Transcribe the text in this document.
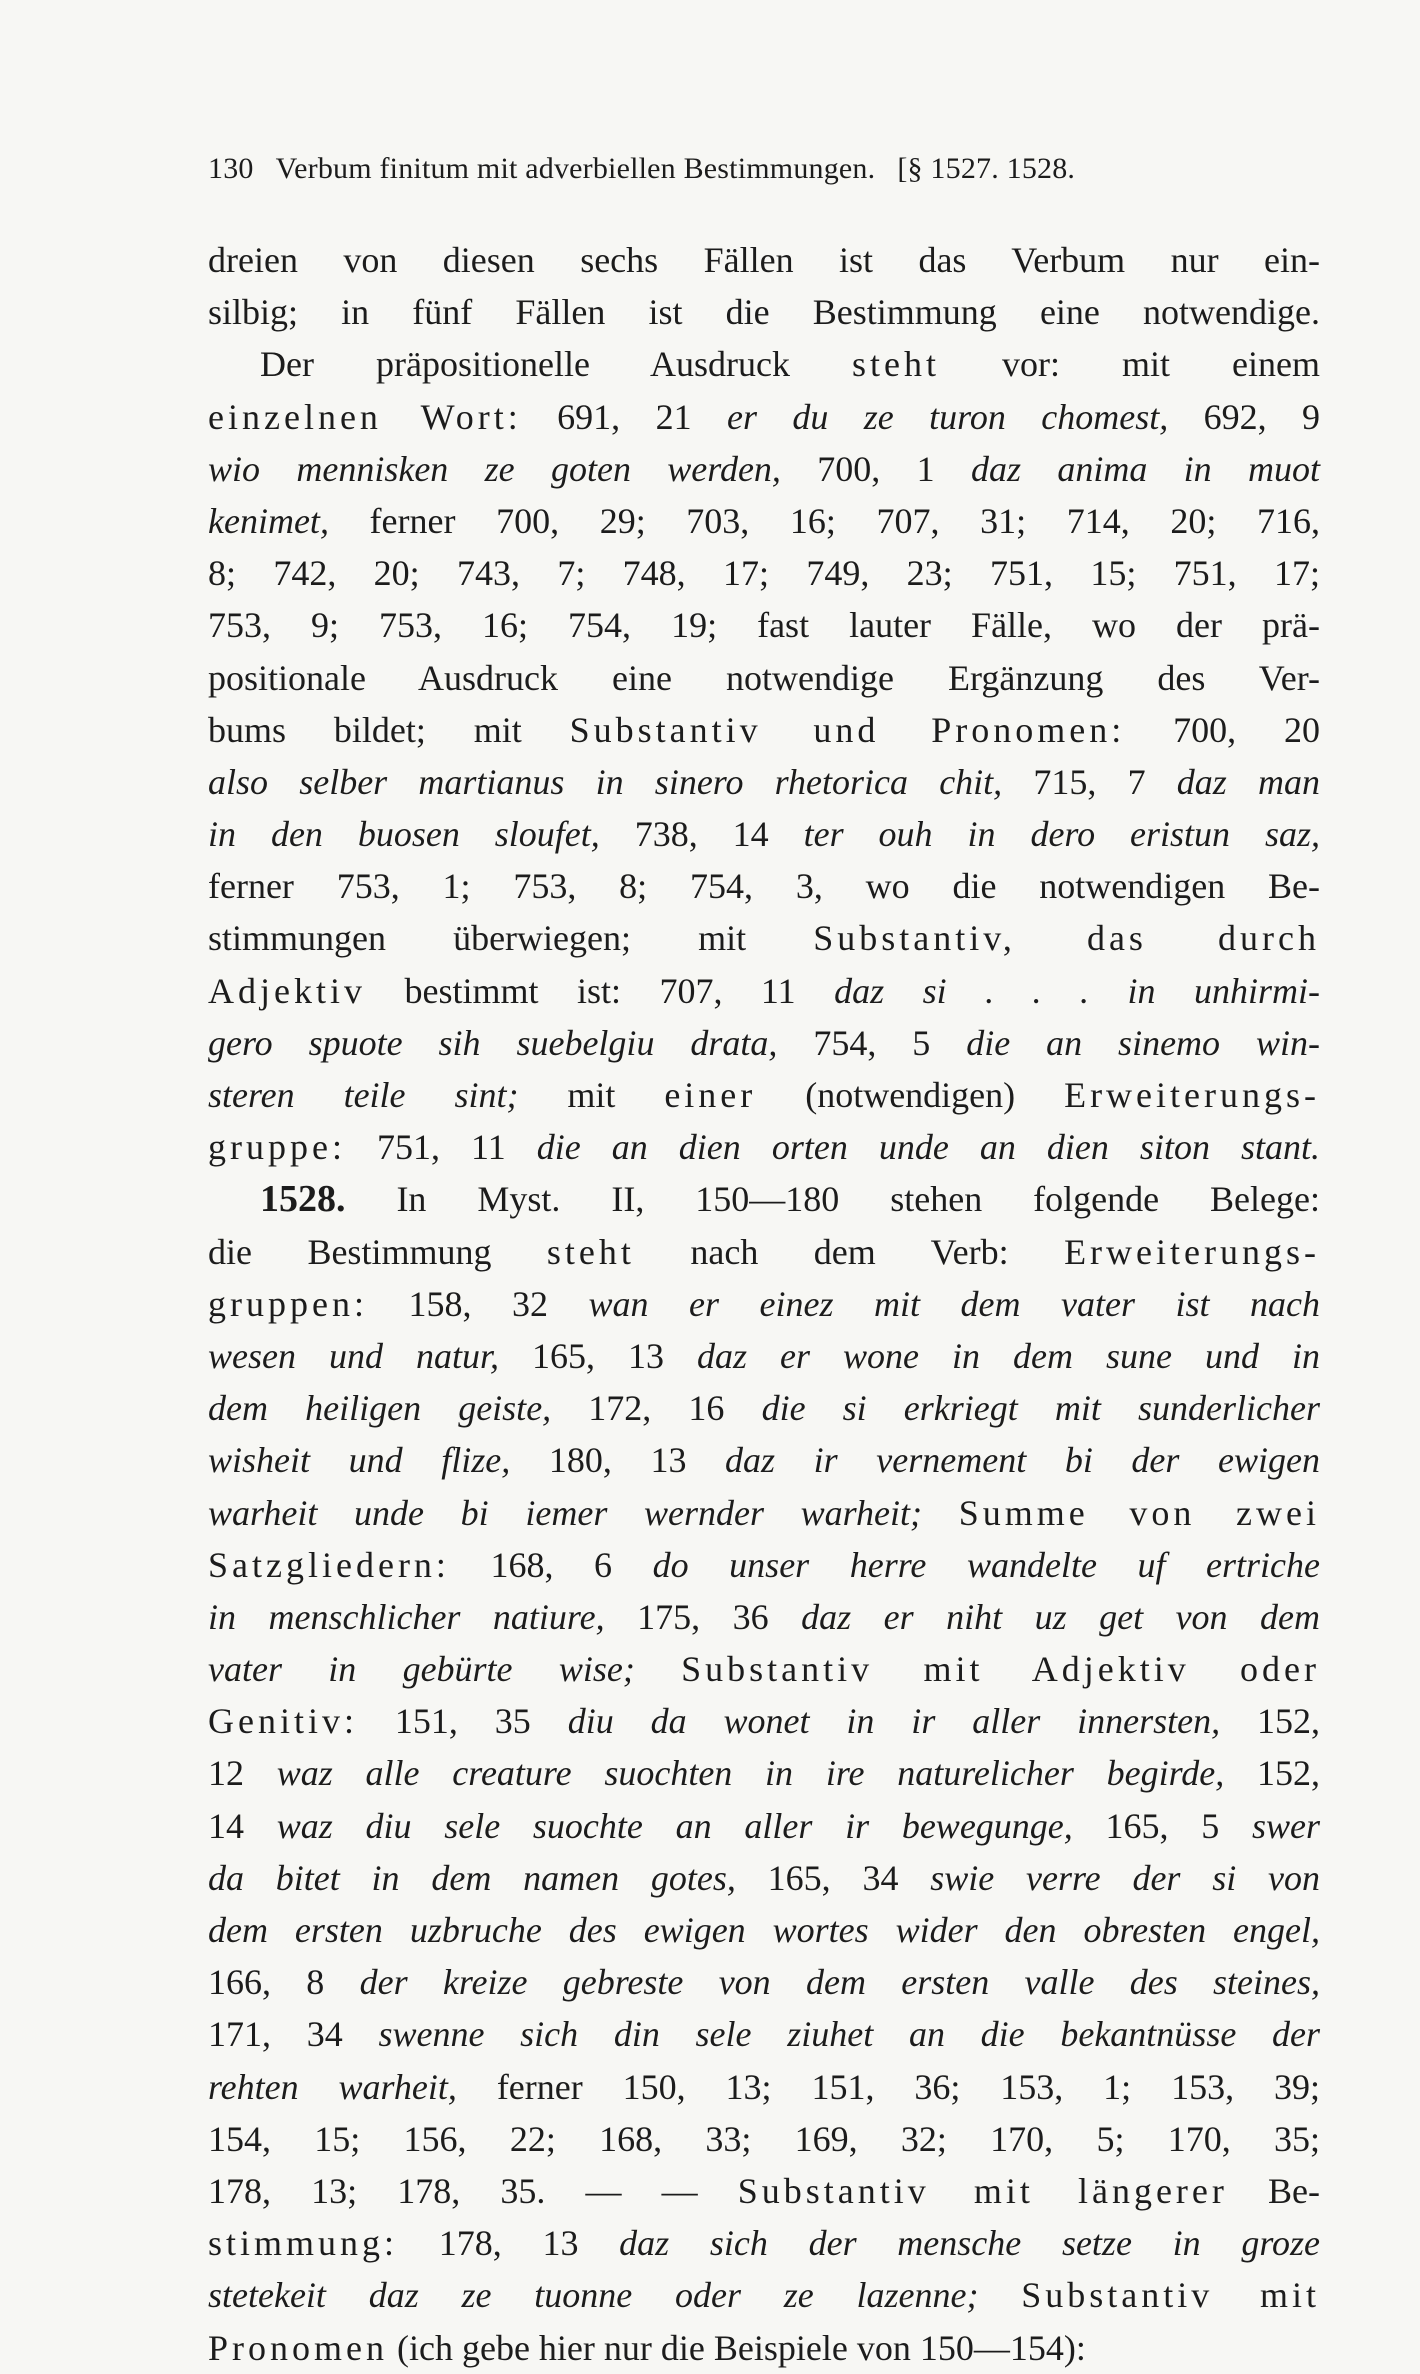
130 Verbum finitum mit adverbiellen Bestimmungen. [§ 1527. 1528.
dreien von diesen sechs Fällen ist das Verbum nur ein-
silbig; in fünf Fällen ist die Bestimmung eine notwendige.
Der präpositionelle Ausdruck steht vor: mit einem
einzelnen Wort: 691, 21 er du ze turon chomest, 692, 9
wio mennisken ze goten werden, 700, 1 daz anima in muot
kenimet, ferner 700, 29; 703, 16; 707, 31; 714, 20; 716,
8; 742, 20; 743, 7; 748, 17; 749, 23; 751, 15; 751, 17;
753, 9; 753, 16; 754, 19; fast lauter Fälle, wo der prä-
positionale Ausdruck eine notwendige Ergänzung des Ver-
bums bildet; mit Substantiv und Pronomen: 700, 20
also selber martianus in sinero rhetorica chit, 715, 7 daz man
in den buosen sloufet, 738, 14 ter ouh in dero eristun saz,
ferner 753, 1; 753, 8; 754, 3, wo die notwendigen Be-
stimmungen überwiegen; mit Substantiv, das durch
Adjektiv bestimmt ist: 707, 11 daz si . . . in unhirmi-
gero spuote sih suebelgiu drata, 754, 5 die an sinemo win-
steren teile sint; mit einer (notwendigen) Erweiterungs-
gruppe: 751, 11 die an dien orten unde an dien siton stant.
1528. In Myst. II, 150—180 stehen folgende Belege:
die Bestimmung steht nach dem Verb: Erweiterungs-
gruppen: 158, 32 wan er einez mit dem vater ist nach
wesen und natur, 165, 13 daz er wone in dem sune und in
dem heiligen geiste, 172, 16 die si erkriegt mit sunderlicher
wisheit und flize, 180, 13 daz ir vernement bi der ewigen
warheit unde bi iemer wernder warheit; Summe von zwei
Satzgliedern: 168, 6 do unser herre wandelte uf ertriche
in menschlicher natiure, 175, 36 daz er niht uz get von dem
vater in gebürte wise; Substantiv mit Adjektiv oder
Genitiv: 151, 35 diu da wonet in ir aller innersten, 152,
12 waz alle creature suochten in ire naturelicher begirde, 152,
14 waz diu sele suochte an aller ir bewegunge, 165, 5 swer
da bitet in dem namen gotes, 165, 34 swie verre der si von
dem ersten uzbruche des ewigen wortes wider den obresten engel,
166, 8 der kreize gebreste von dem ersten valle des steines,
171, 34 swenne sich din sele ziuhet an die bekantnüsse der
rehten warheit, ferner 150, 13; 151, 36; 153, 1; 153, 39;
154, 15; 156, 22; 168, 33; 169, 32; 170, 5; 170, 35;
178, 13; 178, 35. — — Substantiv mit längerer Be-
stimmung: 178, 13 daz sich der mensche setze in groze
stetekeit daz ze tuonne oder ze lazenne; Substantiv mit
Pronomen (ich gebe hier nur die Beispiele von 150—154):
